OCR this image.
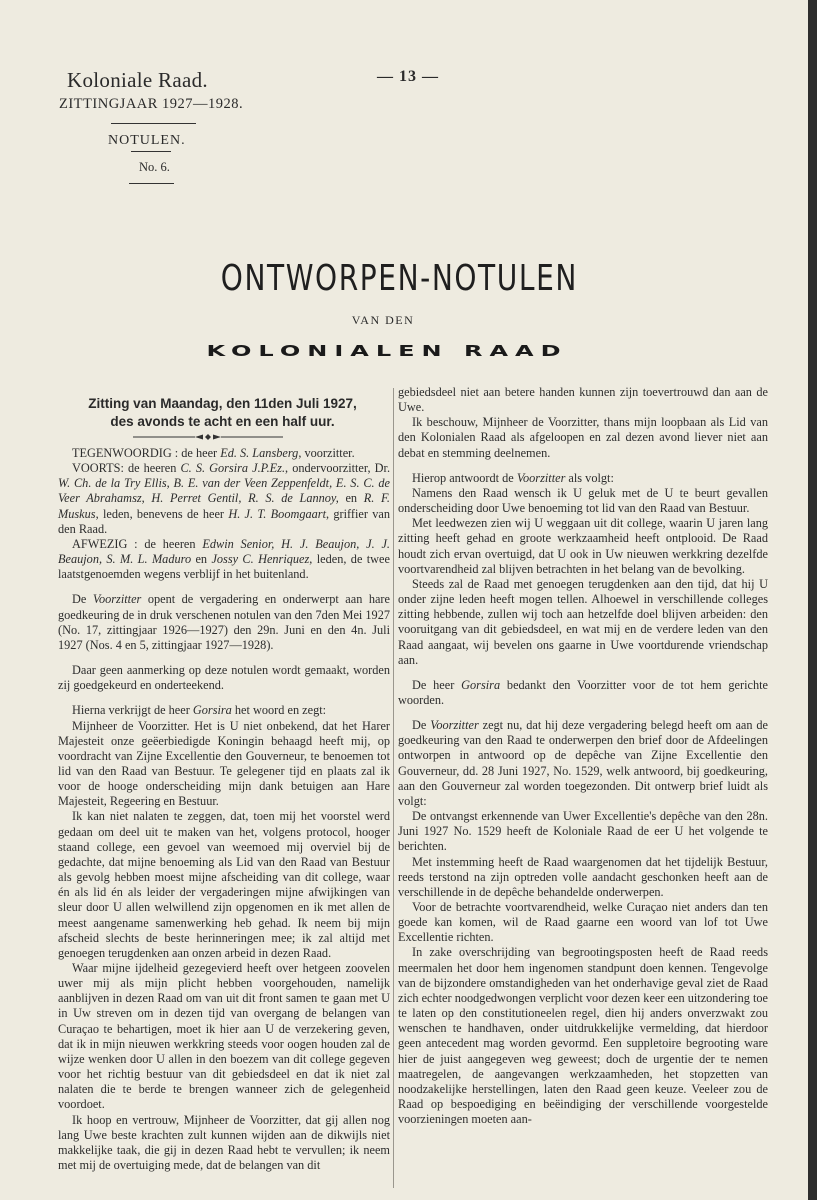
Koloniale Raad.
ZITTINGJAAR 1927—1928.
NOTULEN.
No. 6.
— 13 —
ONTWORPEN-NOTULEN
VAN DEN
KOLONIALEN RAAD
Zitting van Maandag, den 11den Juli 1927,
des avonds te acht en een half uur.

TEGENWOORDIG : de heer Ed. S. Lansberg, voorzitter.

VOORTS: de heeren C. S. Gorsira J.P.Ez., ondervoorzitter, Dr. W. Ch. de la Try Ellis, B. E. van der Veen Zeppenfeldt, E. S. C. de Veer Abrahamsz, H. Perret Gentil, R. S. de Lannoy, en R. F. Muskus, leden, benevens de heer H. J. T. Boomgaart, griffier van den Raad.

AFWEZIG : de heeren Edwin Senior, H. J. Beaujon, J. J. Beaujon, S. M. L. Maduro en Jossy C. Henriquez, leden, de twee laatstgenoemden wegens verblijf in het buitenland.

De Voorzitter opent de vergadering en onderwerpt aan hare goedkeuring de in druk verschenen notulen van den 7den Mei 1927 (No. 17, zittingjaar 1926—1927) den 29n. Juni en den 4n. Juli 1927 (Nos. 4 en 5, zittingjaar 1927—1928).

Daar geen aanmerking op deze notulen wordt gemaakt, worden zij goedgekeurd en onderteekend.

Hierna verkrijgt de heer Gorsira het woord en zegt:

Mijnheer de Voorzitter. Het is U niet onbekend, dat het Harer Majesteit onze geëerbiedigde Koningin behaagd heeft mij, op voordracht van Zijne Excellentie den Gouverneur, te benoemen tot lid van den Raad van Bestuur. Te gelegener tijd en plaats zal ik voor de hooge onderscheiding mijn dank betuigen aan Hare Majesteit, Regeering en Bestuur.

Ik kan niet nalaten te zeggen, dat, toen mij het voorstel werd gedaan om deel uit te maken van het, volgens protocol, hooger staand college, een gevoel van weemoed mij overviel bij de gedachte, dat mijne benoeming als Lid van den Raad van Bestuur als gevolg hebben moest mijne afscheiding van dit college, waar én als lid én als leider der vergaderingen mijne afwijkingen van sleur door U allen welwillend zijn opgenomen en ik met allen de meest aangename samenwerking heb gehad. Ik neem bij mijn afscheid slechts de beste herinneringen mee; ik zal altijd met genoegen terugdenken aan onzen arbeid in dezen Raad.

Waar mijne ijdelheid gezegevierd heeft over hetgeen zoovelen uwer mij als mijn plicht hebben voorgehouden, namelijk aanblijven in dezen Raad om van uit dit front samen te gaan met U in Uw streven om in dezen tijd van overgang de belangen van Curaçao te behartigen, moet ik hier aan U de verzekering geven, dat ik in mijn nieuwen werkkring steeds voor oogen houden zal de wijze wenken door U allen in den boezem van dit college gegeven voor het richtig bestuur van dit gebiedsdeel en dat ik niet zal nalaten die te berde te brengen wanneer zich de gelegenheid voordoet.

Ik hoop en vertrouw, Mijnheer de Voorzitter, dat gij allen nog lang Uwe beste krachten zult kunnen wijden aan de dikwijls niet makkelijke taak, die gij in dezen Raad hebt te vervullen; ik neem met mij de overtuiging mede, dat de belangen van dit

gebiedsdeel niet aan betere handen kunnen zijn toevertrouwd dan aan de Uwe.

Ik beschouw, Mijnheer de Voorzitter, thans mijn loopbaan als Lid van den Kolonialen Raad als afgeloopen en zal dezen avond liever niet aan debat en stemming deelnemen.

Hierop antwoordt de Voorzitter als volgt:

Namens den Raad wensch ik U geluk met de U te beurt gevallen onderscheiding door Uwe benoeming tot lid van den Raad van Bestuur.

Met leedwezen zien wij U weggaan uit dit college, waarin U jaren lang zitting heeft gehad en groote werkzaamheid heeft ontplooid. De Raad houdt zich ervan overtuigd, dat U ook in Uw nieuwen werkkring dezelfde voortvarendheid zal blijven betrachten in het belang van de bevolking.

Steeds zal de Raad met genoegen terugdenken aan den tijd, dat hij U onder zijne leden heeft mogen tellen. Alhoewel in verschillende colleges zitting hebbende, zullen wij toch aan hetzelfde doel blijven arbeiden: den vooruitgang van dit gebiedsdeel, en wat mij en de verdere leden van den Raad aangaat, wij bevelen ons gaarne in Uwe voortdurende vriendschap aan.

De heer Gorsira bedankt den Voorzitter voor de tot hem gerichte woorden.

De Voorzitter zegt nu, dat hij deze vergadering belegd heeft om aan de goedkeuring van den Raad te onderwerpen den brief door de Afdeelingen ontworpen in antwoord op de depêche van Zijne Excellentie den Gouverneur, dd. 28 Juni 1927, No. 1529, welk antwoord, bij goedkeuring, aan den Gouverneur zal worden toegezonden. Dit ontwerp brief luidt als volgt:

De ontvangst erkennende van Uwer Excellentie's depêche van den 28n. Juni 1927 No. 1529 heeft de Koloniale Raad de eer U het volgende te berichten.

Met instemming heeft de Raad waargenomen dat het tijdelijk Bestuur, reeds terstond na zijn optreden volle aandacht geschonken heeft aan de verschillende in de depêche behandelde onderwerpen.

Voor de betrachte voortvarendheid, welke Curaçao niet anders dan ten goede kan komen, wil de Raad gaarne een woord van lof tot Uwe Excellentie richten.

In zake overschrijding van begrootingsposten heeft de Raad reeds meermalen het door hem ingenomen standpunt doen kennen. Tengevolge van de bijzondere omstandigheden van het onderhavige geval ziet de Raad zich echter noodgedwongen verplicht voor dezen keer een uitzondering toe te laten op den constitutioneelen regel, dien hij anders onverzwakt zou wenschen te handhaven, onder uitdrukkelijke vermelding, dat hierdoor geen antecedent mag worden gevormd. Een suppletoire begrooting ware hier de juist aangegeven weg geweest; doch de urgentie der te nemen maatregelen, de aangevangen werkzaamheden, het stopzetten van noodzakelijke herstellingen, laten den Raad geen keuze. Veeleer zou de Raad op bespoediging en beëindiging der verschillende voorgestelde voorzieningen moeten aan-
